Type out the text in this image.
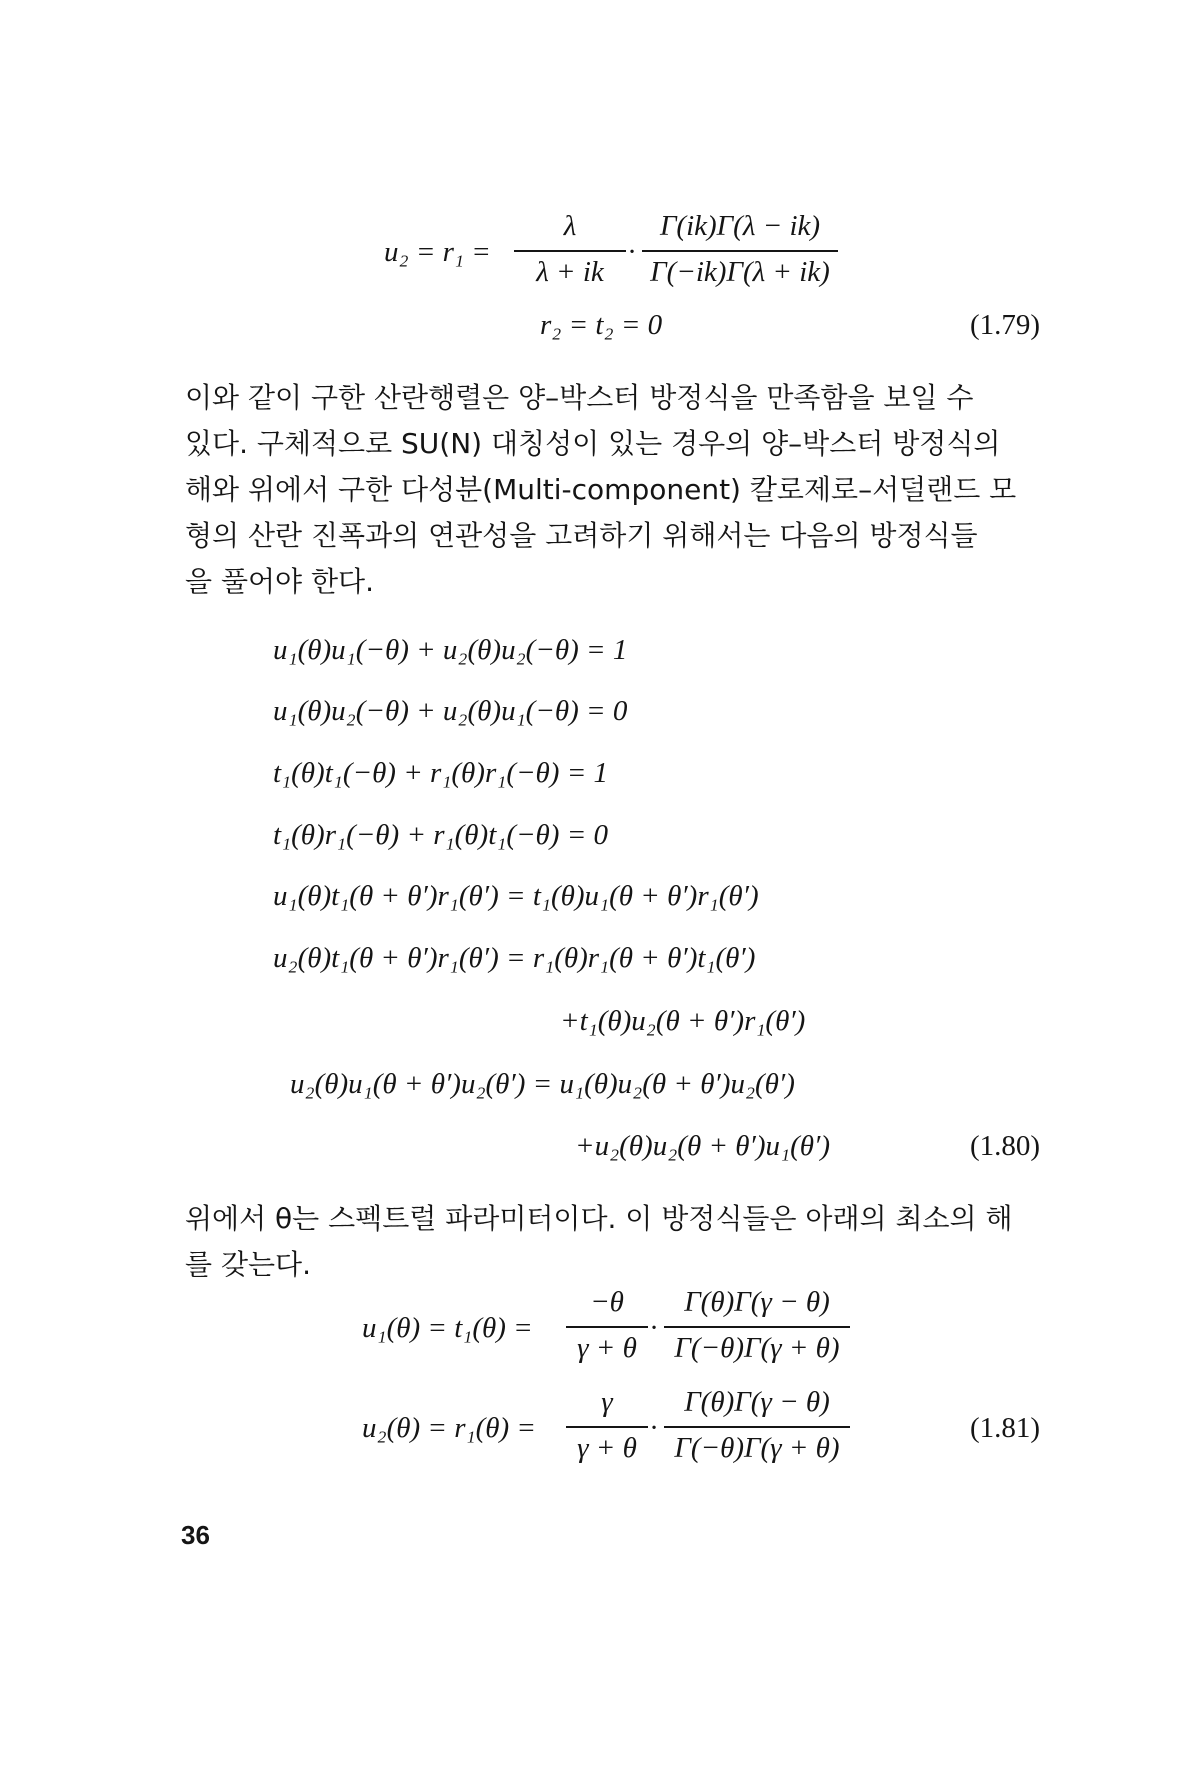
u₂ = r₁ =
λ
λ + ik
·
Γ(ik)Γ(λ − ik)
Γ(−ik)Γ(λ + ik)
r₂ = t₂ = 0	(1.79)
이와 같이 구한 산란행렬은 양–박스터 방정식을 만족함을 보일 수
있다. 구체적으로 SU(N) 대칭성이 있는 경우의 양–박스터 방정식의
해와 위에서 구한 다성분(Multi-component) 칼로제로–서덜랜드 모
형의 산란 진폭과의 연관성을 고려하기 위해서는 다음의 방정식들
을 풀어야 한다.
u₁(θ)u₁(−θ) + u₂(θ)u₂(−θ) = 1
u₁(θ)u₂(−θ) + u₂(θ)u₁(−θ) = 0
t₁(θ)t₁(−θ) + r₁(θ)r₁(−θ) = 1
t₁(θ)r₁(−θ) + r₁(θ)t₁(−θ) = 0
u₁(θ)t₁(θ + θ′)r₁(θ′) = t₁(θ)u₁(θ + θ′)r₁(θ′)
u₂(θ)t₁(θ + θ′)r₁(θ′) = r₁(θ)r₁(θ + θ′)t₁(θ′)
+t₁(θ)u₂(θ + θ′)r₁(θ′)
u₂(θ)u₁(θ + θ′)u₂(θ′) = u₁(θ)u₂(θ + θ′)u₂(θ′)
+u₂(θ)u₂(θ + θ′)u₁(θ′)	(1.80)
위에서 θ는 스펙트럴 파라미터이다. 이 방정식들은 아래의 최소의 해
를 갖는다.
u₁(θ) = t₁(θ) =
−θ
γ + θ
·
Γ(θ)Γ(γ − θ)
Γ(−θ)Γ(γ + θ)
u₂(θ) = r₁(θ) =
γ
γ + θ
·
Γ(θ)Γ(γ − θ)
Γ(−θ)Γ(γ + θ)
(1.81)
36
